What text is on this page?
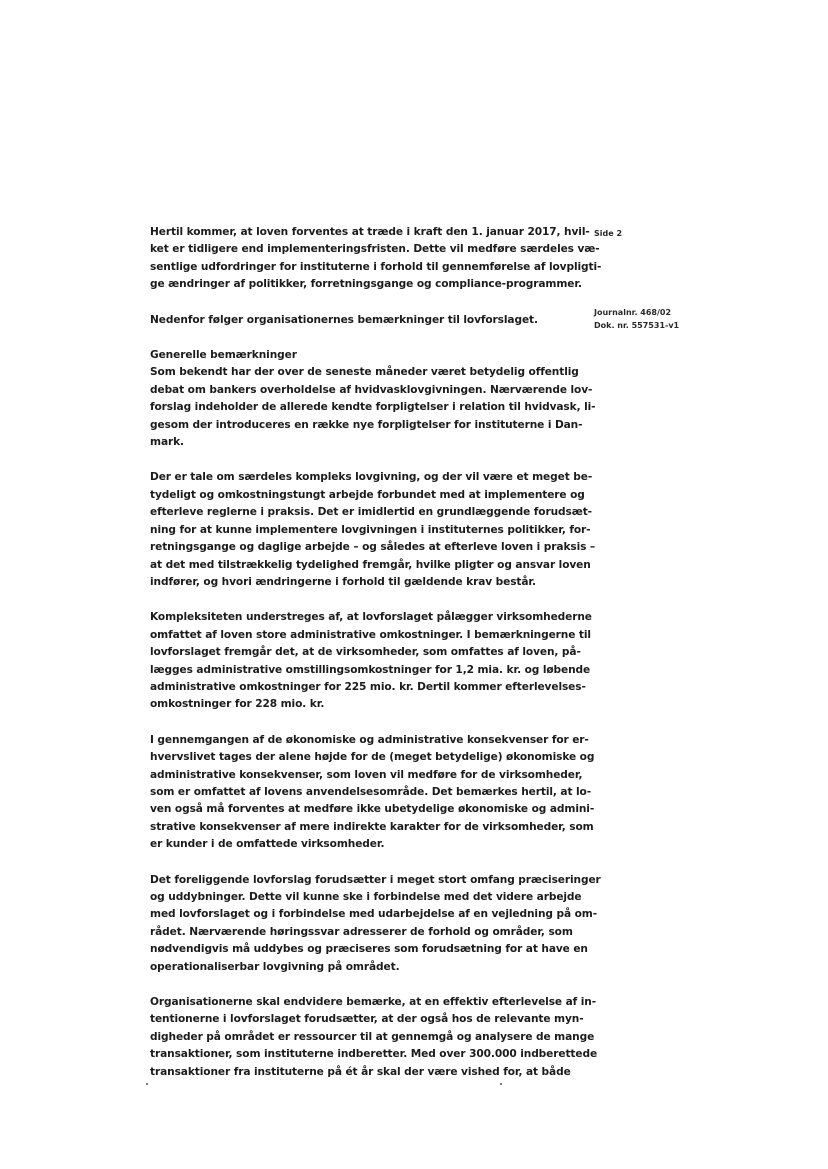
Side 2
Journalnr. 468/02
Dok. nr. 557531-v1
Hertil kommer, at loven forventes at træde i kraft den 1. januar 2017, hvil-
ket er tidligere end implementeringsfristen. Dette vil medføre særdeles væ-
sentlige udfordringer for instituterne i forhold til gennemførelse af lovpligti-
ge ændringer af politikker, forretningsgange og compliance-programmer.
Nedenfor følger organisationernes bemærkninger til lovforslaget.
Generelle bemærkninger
Som bekendt har der over de seneste måneder været betydelig offentlig
debat om bankers overholdelse af hvidvasklovgivningen. Nærværende lov-
forslag indeholder de allerede kendte forpligtelser i relation til hvidvask, li-
gesom der introduceres en række nye forpligtelser for instituterne i Dan-
mark.
Der er tale om særdeles kompleks lovgivning, og der vil være et meget be-
tydeligt og omkostningstungt arbejde forbundet med at implementere og
efterleve reglerne i praksis. Det er imidlertid en grundlæggende forudsæt-
ning for at kunne implementere lovgivningen i instituternes politikker, for-
retningsgange og daglige arbejde – og således at efterleve loven i praksis –
at det med tilstrækkelig tydelighed fremgår, hvilke pligter og ansvar loven
indfører, og hvori ændringerne i forhold til gældende krav består.
Kompleksiteten understreges af, at lovforslaget pålægger virksomhederne
omfattet af loven store administrative omkostninger. I bemærkningerne til
lovforslaget fremgår det, at de virksomheder, som omfattes af loven, på-
lægges administrative omstillingsomkostninger for 1,2 mia. kr. og løbende
administrative omkostninger for 225 mio. kr. Dertil kommer efterlevelses-
omkostninger for 228 mio. kr.
I gennemgangen af de økonomiske og administrative konsekvenser for er-
hvervslivet tages der alene højde for de (meget betydelige) økonomiske og
administrative konsekvenser, som loven vil medføre for de virksomheder,
som er omfattet af lovens anvendelsesområde. Det bemærkes hertil, at lo-
ven også må forventes at medføre ikke ubetydelige økonomiske og admini-
strative konsekvenser af mere indirekte karakter for de virksomheder, som
er kunder i de omfattede virksomheder.
Det foreliggende lovforslag forudsætter i meget stort omfang præciseringer
og uddybninger. Dette vil kunne ske i forbindelse med det videre arbejde
med lovforslaget og i forbindelse med udarbejdelse af en vejledning på om-
rådet. Nærværende høringssvar adresserer de forhold og områder, som
nødvendigvis må uddybes og præciseres som forudsætning for at have en
operationaliserbar lovgivning på området.
Organisationerne skal endvidere bemærke, at en effektiv efterlevelse af in-
tentionerne i lovforslaget forudsætter, at der også hos de relevante myn-
digheder på området er ressourcer til at gennemgå og analysere de mange
transaktioner, som instituterne indberetter. Med over 300.000 indberettede
transaktioner fra instituterne på ét år skal der være vished for, at både
